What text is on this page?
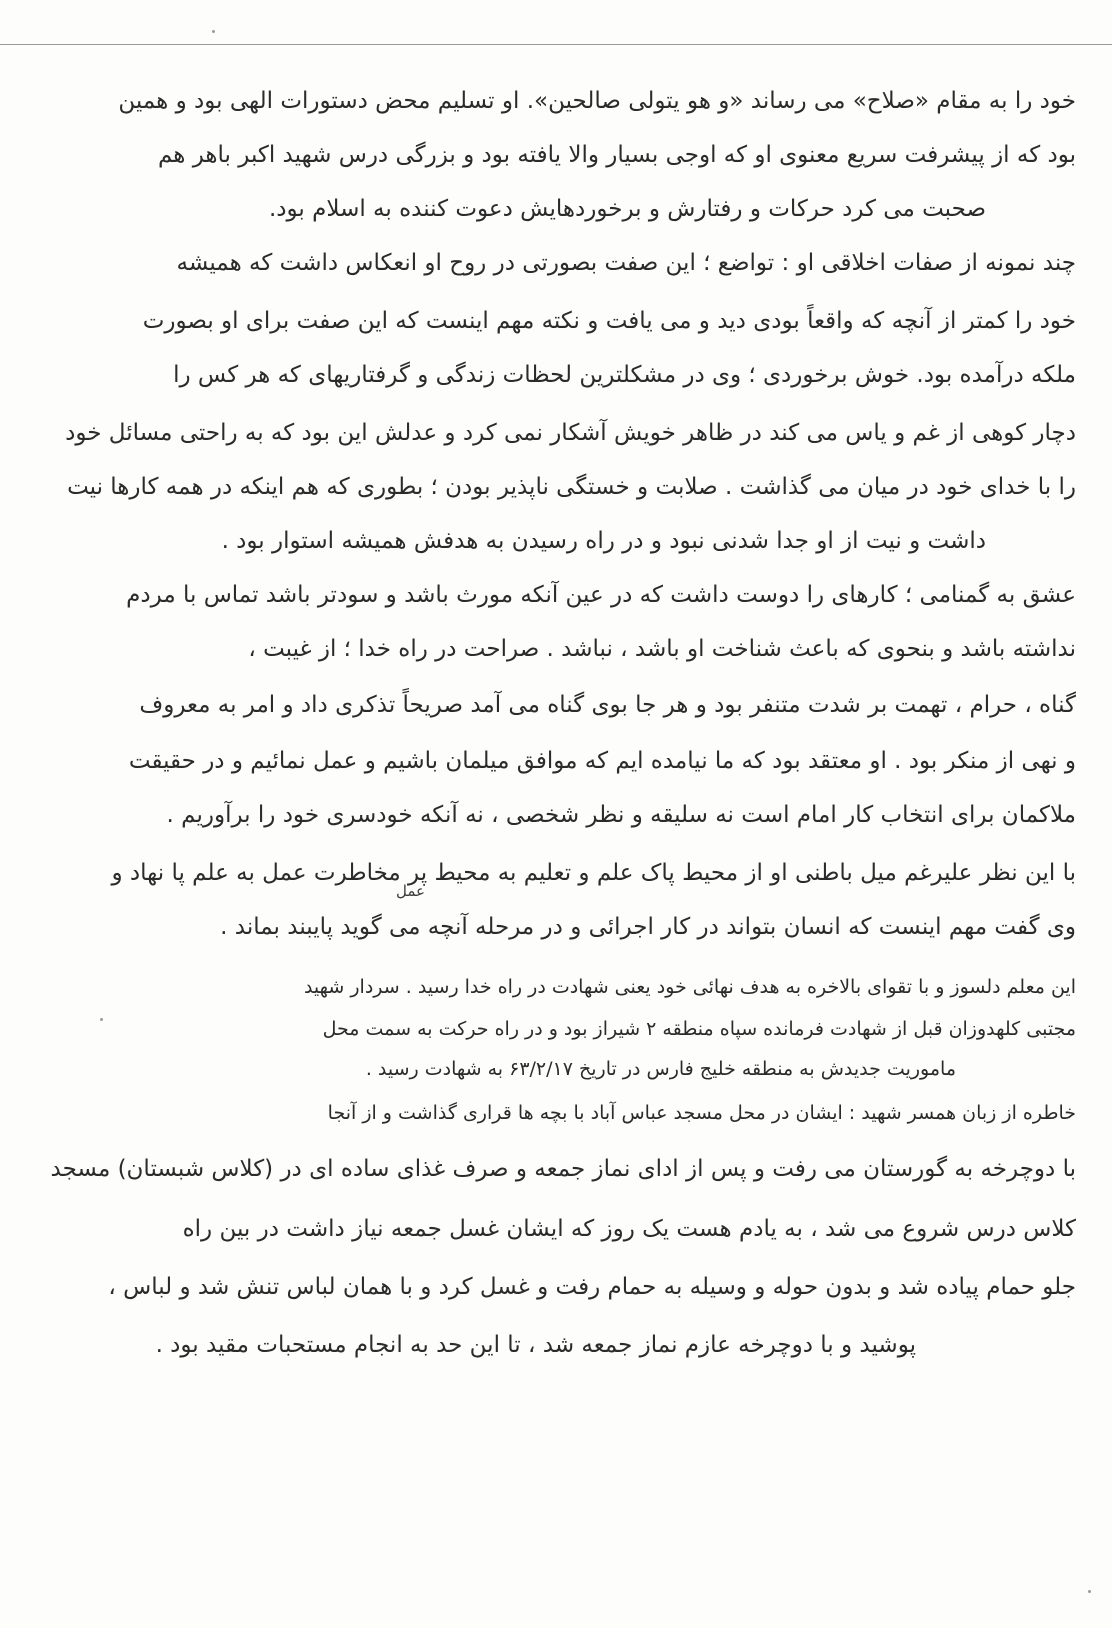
خود را به مقام «صلاح» می رساند «و هو یتولی صالحین». او تسلیم محض دستورات الهی بود و همین
بود که از پیشرفت سریع معنوی او که اوجی بسیار والا یافته بود و بزرگی درس شهید اکبر باهر هم
صحبت می کرد حرکات و رفتارش و برخوردهایش دعوت کننده به اسلام بود.
چند نمونه از صفات اخلاقی او : تواضع ؛ این صفت بصورتی در روح او انعکاس داشت که همیشه
خود را کمتر از آنچه که واقعاً بودی دید و می یافت و نکته مهم اینست که این صفت برای او بصورت
ملکه درآمده بود. خوش برخوردی ؛ وی در مشکلترین لحظات زندگی و گرفتاریهای که هر کس را
دچار کوهی از غم و یاس می کند در ظاهر خویش آشکار نمی کرد و عدلش این بود که به راحتی مسائل خود
را با خدای خود در میان می گذاشت . صلابت و خستگی ناپذیر بودن ؛ بطوری که هم اینکه در همه کارها نیت
داشت و نیت از او جدا شدنی نبود و در راه رسیدن به هدفش همیشه استوار بود .
عشق به گمنامی ؛ کارهای را دوست داشت که در عین آنکه مورث باشد و سودتر باشد تماس با مردم
نداشته باشد و بنحوی که باعث شناخت او باشد ، نباشد . صراحت در راه خدا ؛ از غیبت ،
گناه ، حرام ، تهمت بر شدت متنفر بود و هر جا بوی گناه می آمد صریحاً تذکری داد و امر به معروف
و نهی از منکر بود . او معتقد بود که ما نیامده ایم که موافق میلمان باشیم و عمل نمائیم و در حقیقت
ملاکمان برای انتخاب کار امام است نه سلیقه و نظر شخصی ، نه آنکه خودسری خود را برآوریم .
با این نظر علیرغم میل باطنی او از محیط پاک علم و تعلیم به محیط پر مخاطرت عمل به علم پا نهاد و
وی گفت مهم اینست که انسان بتواند در کار اجرائی و در مرحله آنچه می گوید پایبند بماند .
این معلم دلسوز و با تقوای بالاخره به هدف نهائی خود یعنی شهادت در راه خدا رسید . سردار شهید
مجتبی کلهدوزان قبل از شهادت فرمانده سپاه منطقه ۲ شیراز بود و در راه حرکت به سمت محل
ماموریت جدیدش به منطقه خلیج فارس در تاریخ ۶۳/۲/۱۷ به شهادت رسید .
خاطره از زبان همسر شهید : ایشان در محل مسجد عباس آباد با بچه ها قراری گذاشت و از آنجا
با دوچرخه به گورستان می رفت و پس از ادای نماز جمعه و صرف غذای ساده ای در (کلاس شبستان) مسجد
کلاس درس شروع می شد ، به یادم هست یک روز که ایشان غسل جمعه نیاز داشت در بین راه
جلو حمام پیاده شد و بدون حوله و وسیله به حمام رفت و غسل کرد و با همان لباس تنش شد و لباس ،
پوشید و با دوچرخه عازم نماز جمعه شد ، تا این حد به انجام مستحبات مقید بود .
عمل
